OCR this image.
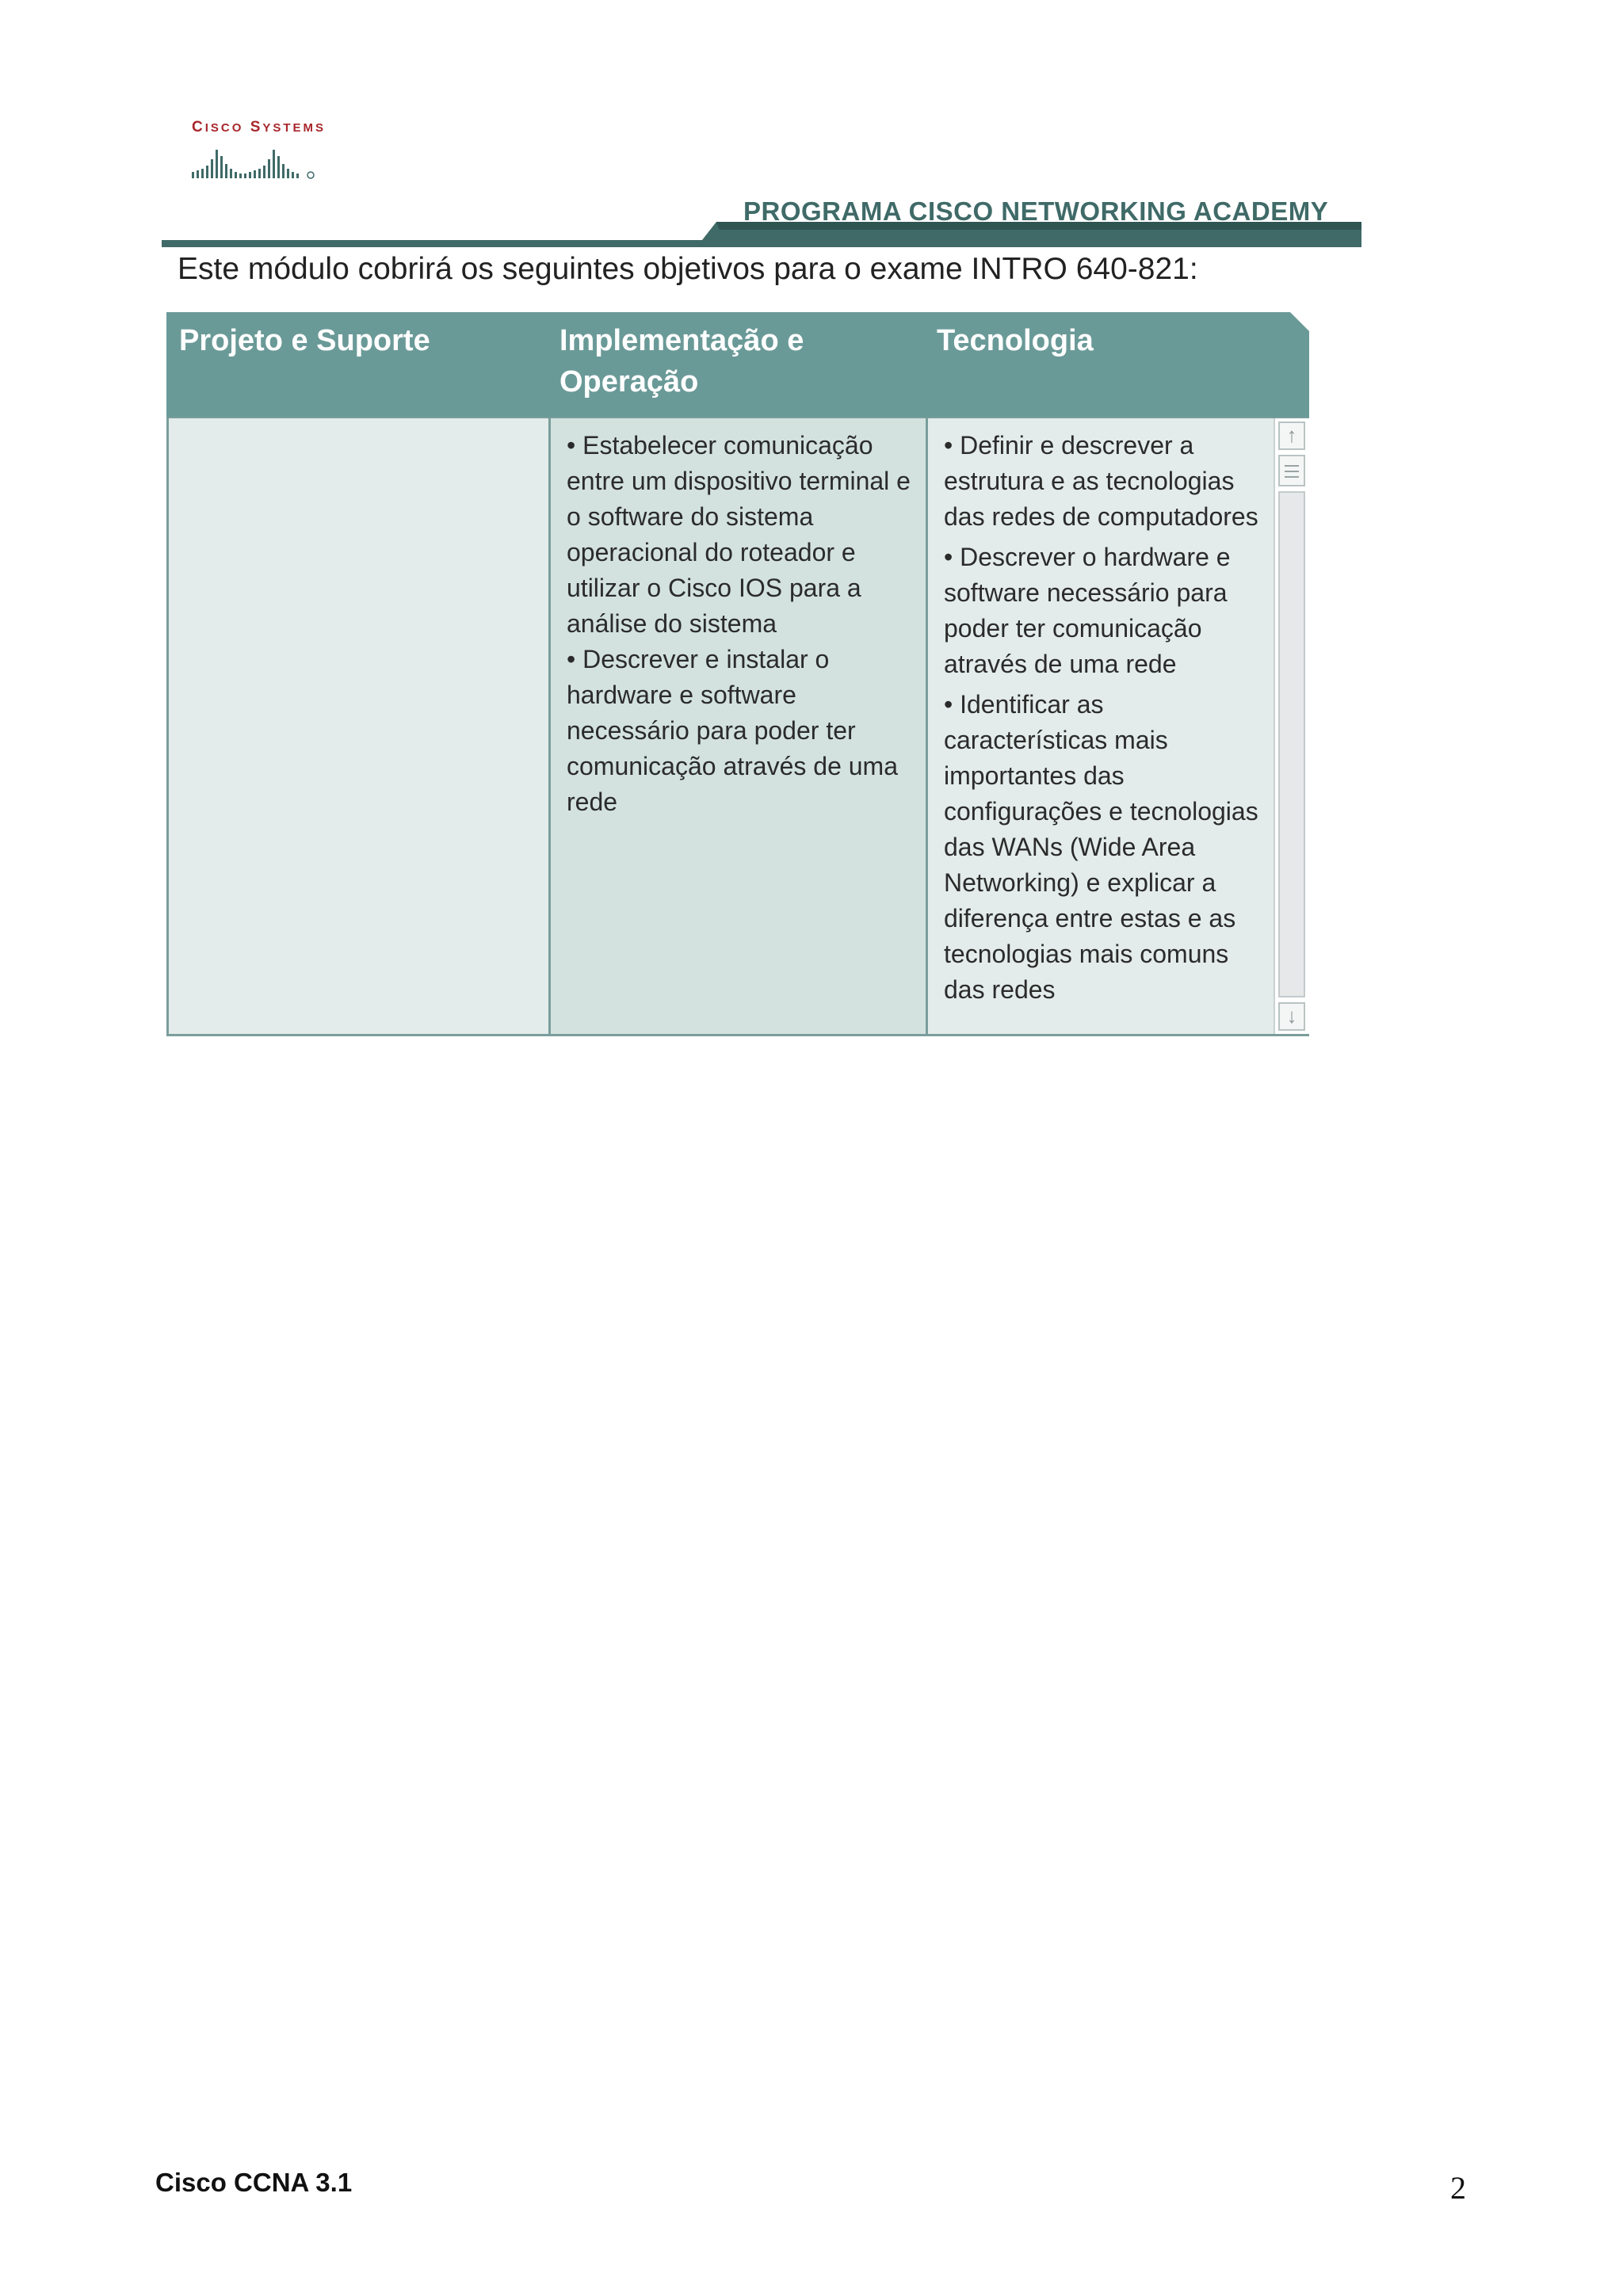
CISCO SYSTEMS
PROGRAMA CISCO NETWORKING ACADEMY
Este módulo cobrirá os seguintes objetivos para o exame INTRO 640-821:
Projeto e Suporte	Implementação e
Operação
Tecnologia
• Estabelecer comunicação entre um dispositivo terminal e o software do sistema operacional do roteador e utilizar o Cisco IOS para a análise do sistema
• Descrever e instalar o hardware e software necessário para poder ter comunicação através de uma rede
• Definir e descrever a estrutura e as tecnologias das redes de computadores
• Descrever o hardware e software necessário para poder ter comunicação através de uma rede
• Identificar as características mais importantes das configurações e tecnologias das WANs (Wide Area Networking) e explicar a diferença entre estas e as tecnologias mais comuns das redes
↑
↓
Cisco CCNA 3.1	2
